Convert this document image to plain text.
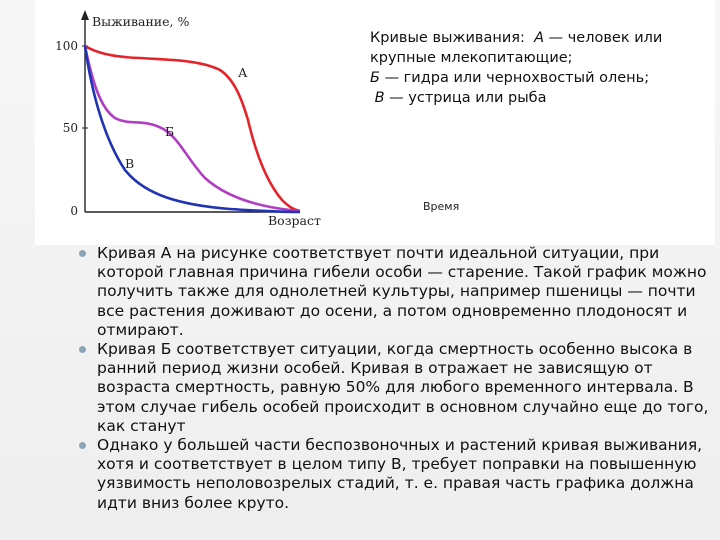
100
50
0
Выживание, %
Возраст
А
Б
В
Кривые выживания: А — человек или
крупные млекопитающие;
Б — гидра или чернохвостый олень;
В — устрица или рыба
Время
Кривая А на рисунке соответствует почти идеальной ситуации, при которой главная причина гибели особи — старение. Такой график можно получить также для однолетней культуры, например пшеницы — почти все растения доживают до осени, а потом одновременно плодоносят и отмирают.
Кривая Б соответствует ситуации, когда смертность особенно высока в ранний период жизни особей. Кривая в отражает не зависящую от возраста смертность, равную 50% для любого временного интервала. В этом случае гибель особей происходит в основном случайно еще до того, как станут
Однако у большей части беспозвоночных и растений кривая выживания, хотя и соответствует в целом типу В, требует поправки на повышенную уязвимость неполовозрелых стадий, т. е. правая часть графика должна идти вниз более круто.
